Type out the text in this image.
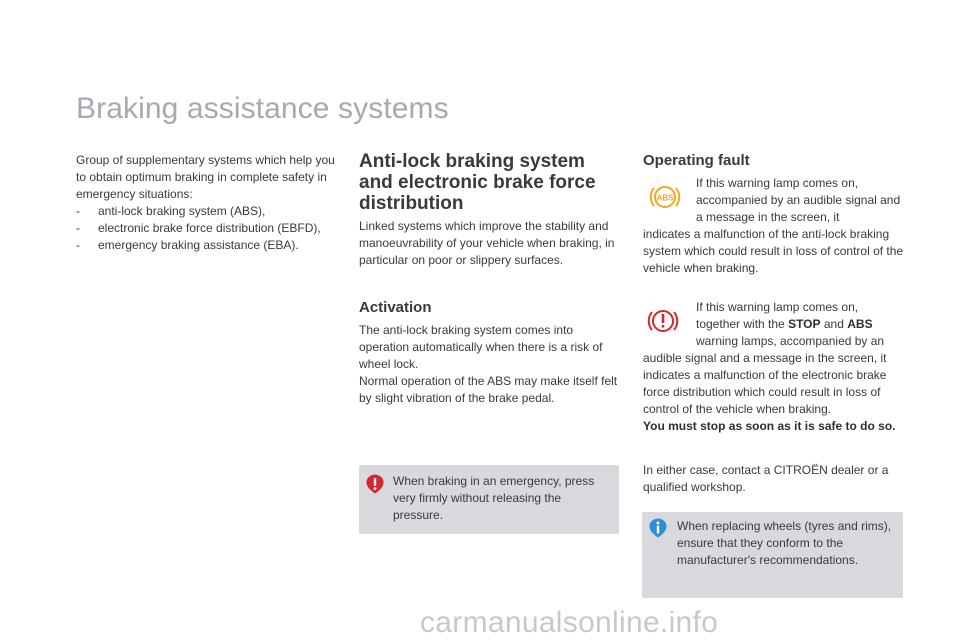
Braking assistance systems
Group of supplementary systems which help you to obtain optimum braking in complete safety in emergency situations:
- anti-lock braking system (ABS),
- electronic brake force distribution (EBFD),
- emergency braking assistance (EBA).
Anti-lock braking system and electronic brake force distribution
Linked systems which improve the stability and manoeuvrability of your vehicle when braking, in particular on poor or slippery surfaces.
Activation
The anti-lock braking system comes into operation automatically when there is a risk of wheel lock.
Normal operation of the ABS may make itself felt by slight vibration of the brake pedal.
When braking in an emergency, press very firmly without releasing the pressure.
Operating fault
ABS
If this warning lamp comes on, accompanied by an audible signal and a message in the screen, it
indicates a malfunction of the anti-lock braking system which could result in loss of control of the vehicle when braking.
If this warning lamp comes on, together with the STOP and ABS
warning lamps, accompanied by an
audible signal and a message in the screen, it indicates a malfunction of the electronic brake force distribution which could result in loss of control of the vehicle when braking.
You must stop as soon as it is safe to do so.
In either case, contact a CITROËN dealer or a qualified workshop.
When replacing wheels (tyres and rims), ensure that they conform to the manufacturer's recommendations.
carmanualsonline.info
